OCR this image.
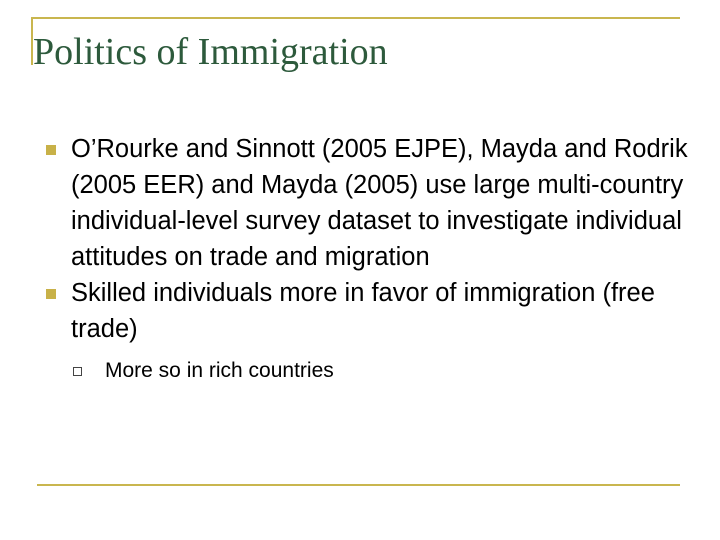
Politics of Immigration
O’Rourke and Sinnott (2005 EJPE), Mayda and Rodrik (2005 EER) and Mayda (2005) use large multi-country individual-level survey dataset to investigate individual attitudes on trade and migration
Skilled individuals more in favor of immigration (free trade)
More so in rich countries
